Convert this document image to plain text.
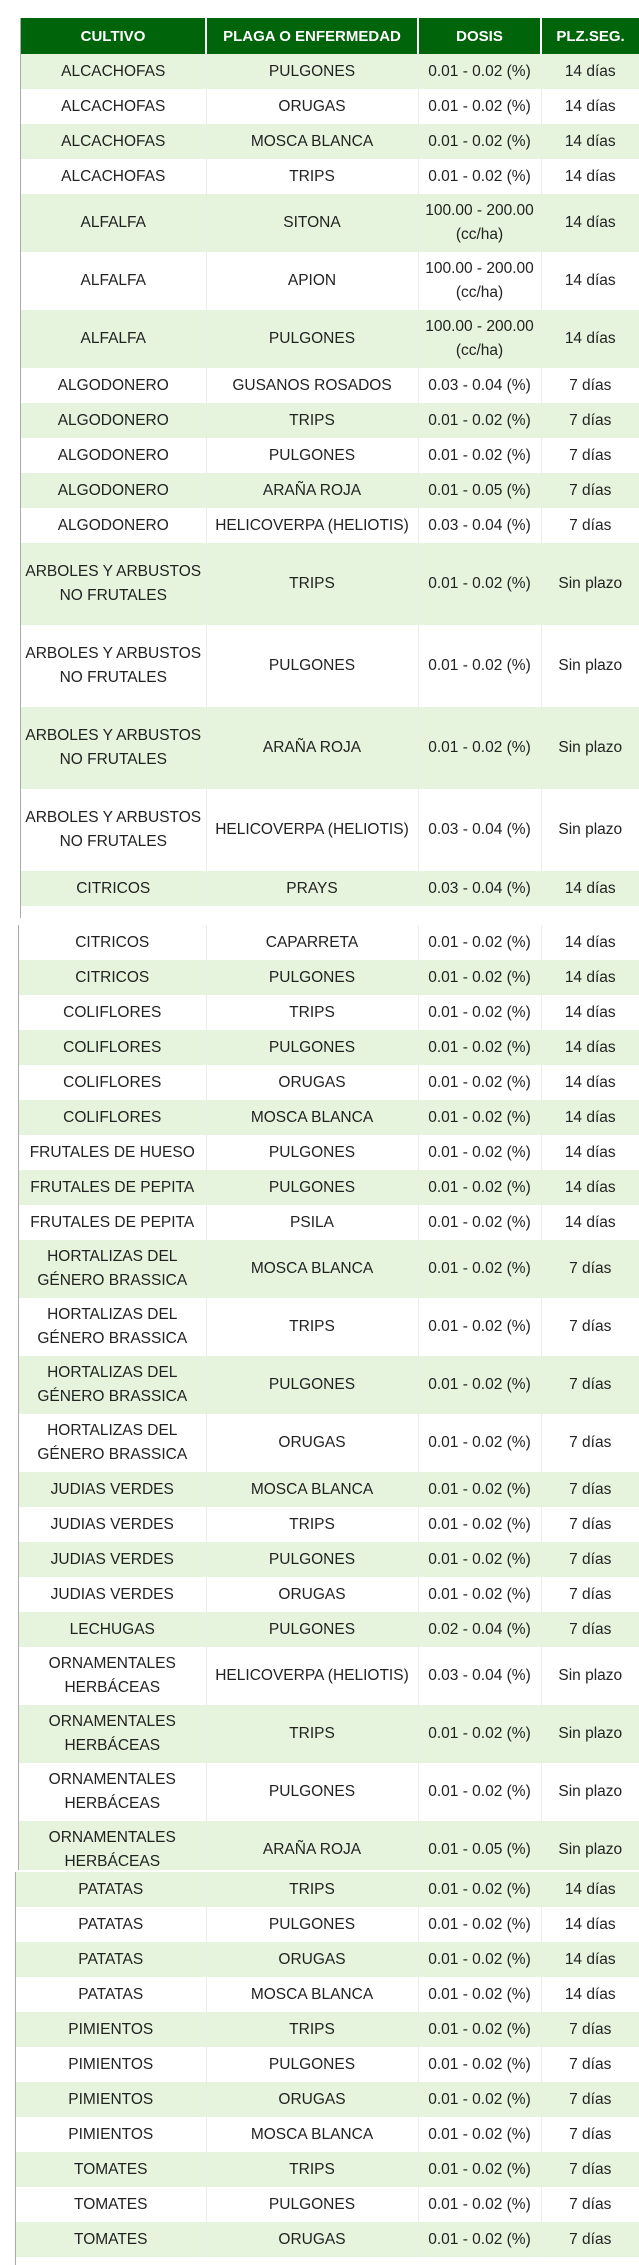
CULTIVO	PLAGA O ENFERMEDAD	DOSIS	PLZ.SEG.
ALCACHOFAS	PULGONES	0.01 - 0.02 (%)	14 días
ALCACHOFAS	ORUGAS	0.01 - 0.02 (%)	14 días
ALCACHOFAS	MOSCA BLANCA	0.01 - 0.02 (%)	14 días
ALCACHOFAS	TRIPS	0.01 - 0.02 (%)	14 días
ALFALFA	SITONA	100.00 - 200.00 (cc/ha)	14 días
ALFALFA	APION	100.00 - 200.00 (cc/ha)	14 días
ALFALFA	PULGONES	100.00 - 200.00 (cc/ha)	14 días
ALGODONERO	GUSANOS ROSADOS	0.03 - 0.04 (%)	7 días
ALGODONERO	TRIPS	0.01 - 0.02 (%)	7 días
ALGODONERO	PULGONES	0.01 - 0.02 (%)	7 días
ALGODONERO	ARAÑA ROJA	0.01 - 0.05 (%)	7 días
ALGODONERO	HELICOVERPA (HELIOTIS)	0.03 - 0.04 (%)	7 días
ARBOLES Y ARBUSTOS NO FRUTALES	TRIPS	0.01 - 0.02 (%)	Sin plazo
ARBOLES Y ARBUSTOS NO FRUTALES	PULGONES	0.01 - 0.02 (%)	Sin plazo
ARBOLES Y ARBUSTOS NO FRUTALES	ARAÑA ROJA	0.01 - 0.02 (%)	Sin plazo
ARBOLES Y ARBUSTOS NO FRUTALES	HELICOVERPA (HELIOTIS)	0.03 - 0.04 (%)	Sin plazo
CITRICOS	PRAYS	0.03 - 0.04 (%)	14 días
CITRICOS	CAPARRETA	0.01 - 0.02 (%)	14 días
CITRICOS	PULGONES	0.01 - 0.02 (%)	14 días
COLIFLORES	TRIPS	0.01 - 0.02 (%)	14 días
COLIFLORES	PULGONES	0.01 - 0.02 (%)	14 días
COLIFLORES	ORUGAS	0.01 - 0.02 (%)	14 días
COLIFLORES	MOSCA BLANCA	0.01 - 0.02 (%)	14 días
FRUTALES DE HUESO	PULGONES	0.01 - 0.02 (%)	14 días
FRUTALES DE PEPITA	PULGONES	0.01 - 0.02 (%)	14 días
FRUTALES DE PEPITA	PSILA	0.01 - 0.02 (%)	14 días
HORTALIZAS DEL GÉNERO BRASSICA	MOSCA BLANCA	0.01 - 0.02 (%)	7 días
HORTALIZAS DEL GÉNERO BRASSICA	TRIPS	0.01 - 0.02 (%)	7 días
HORTALIZAS DEL GÉNERO BRASSICA	PULGONES	0.01 - 0.02 (%)	7 días
HORTALIZAS DEL GÉNERO BRASSICA	ORUGAS	0.01 - 0.02 (%)	7 días
JUDIAS VERDES	MOSCA BLANCA	0.01 - 0.02 (%)	7 días
JUDIAS VERDES	TRIPS	0.01 - 0.02 (%)	7 días
JUDIAS VERDES	PULGONES	0.01 - 0.02 (%)	7 días
JUDIAS VERDES	ORUGAS	0.01 - 0.02 (%)	7 días
LECHUGAS	PULGONES	0.02 - 0.04 (%)	7 días
ORNAMENTALES HERBÁCEAS	HELICOVERPA (HELIOTIS)	0.03 - 0.04 (%)	Sin plazo
ORNAMENTALES HERBÁCEAS	TRIPS	0.01 - 0.02 (%)	Sin plazo
ORNAMENTALES HERBÁCEAS	PULGONES	0.01 - 0.02 (%)	Sin plazo
ORNAMENTALES HERBÁCEAS	ARAÑA ROJA	0.01 - 0.05 (%)	Sin plazo
PATATAS	TRIPS	0.01 - 0.02 (%)	14 días
PATATAS	PULGONES	0.01 - 0.02 (%)	14 días
PATATAS	ORUGAS	0.01 - 0.02 (%)	14 días
PATATAS	MOSCA BLANCA	0.01 - 0.02 (%)	14 días
PIMIENTOS	TRIPS	0.01 - 0.02 (%)	7 días
PIMIENTOS	PULGONES	0.01 - 0.02 (%)	7 días
PIMIENTOS	ORUGAS	0.01 - 0.02 (%)	7 días
PIMIENTOS	MOSCA BLANCA	0.01 - 0.02 (%)	7 días
TOMATES	TRIPS	0.01 - 0.02 (%)	7 días
TOMATES	PULGONES	0.01 - 0.02 (%)	7 días
TOMATES	ORUGAS	0.01 - 0.02 (%)	7 días
